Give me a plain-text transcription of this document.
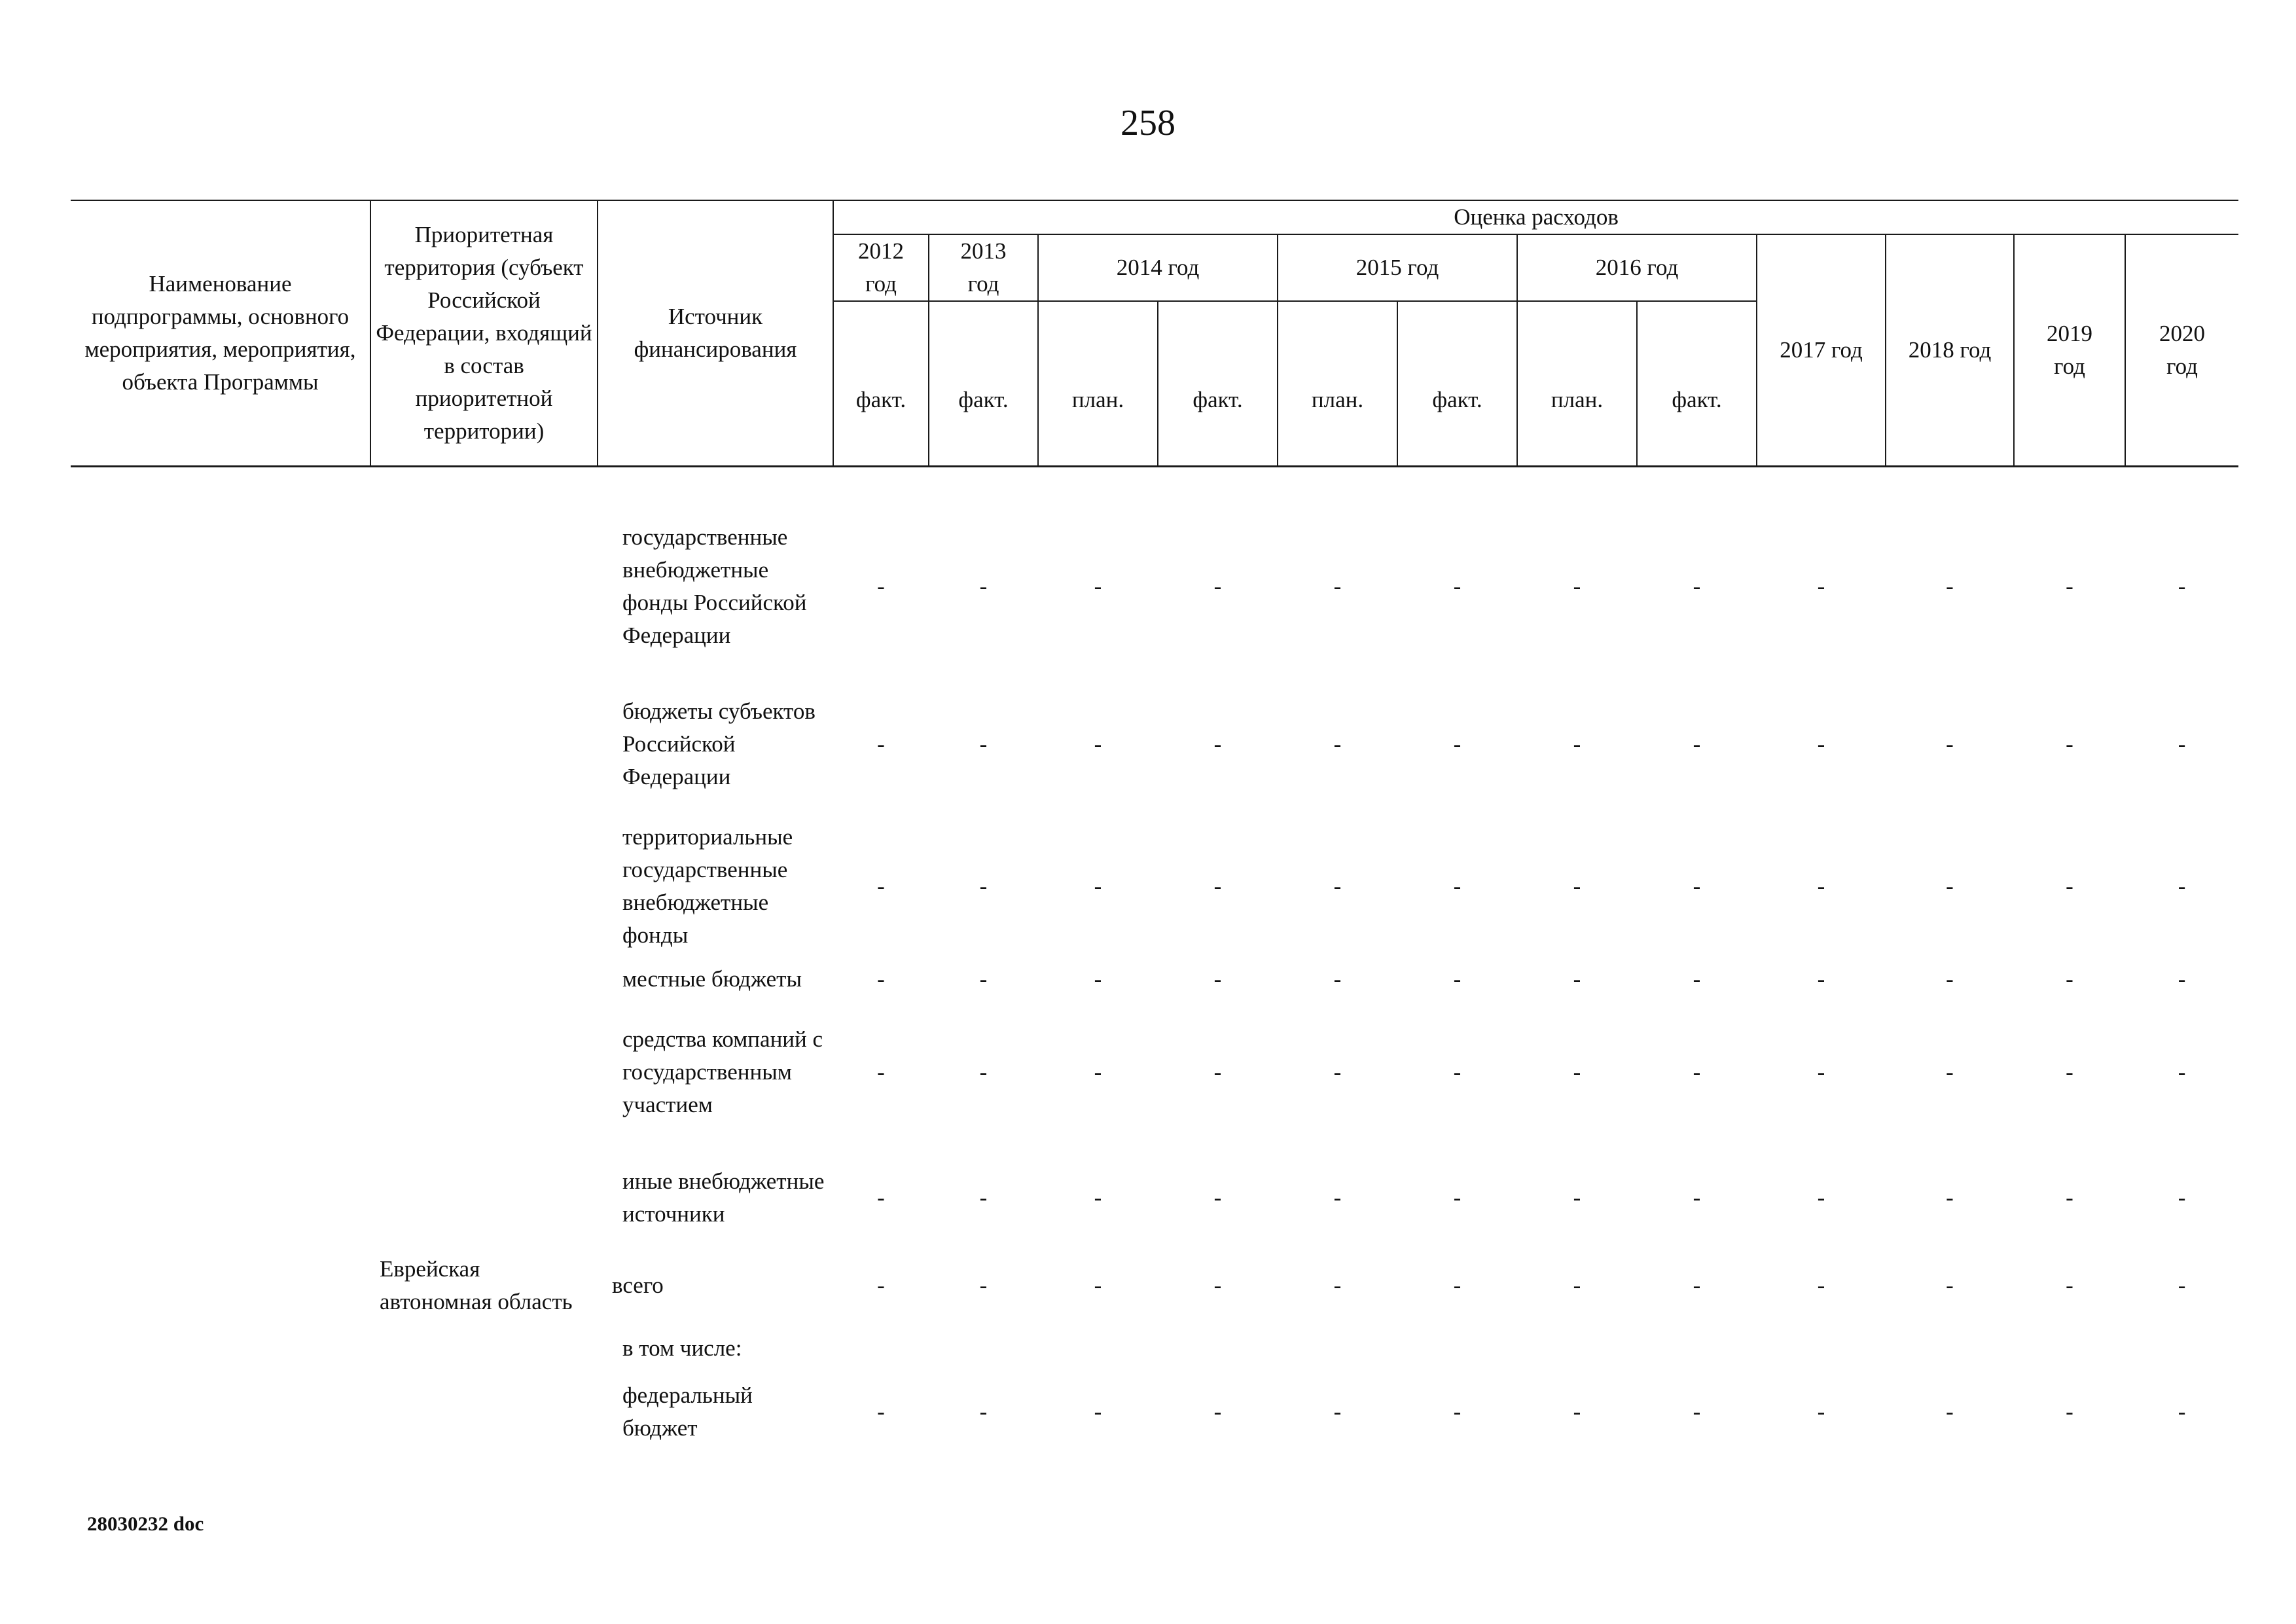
258
Наименование подпрограммы, основного мероприятия, мероприятия, объекта Программы	Приоритетная территория (субъект Российской Федерации, входящий в состав приоритетной территории)	Источник финансирования	Оценка расходов											
			2012 год	2013 год	2014 год		2015 год		2016 год		2017 год	2018 год	2019 год	2020 год
			факт.	факт.	план.	факт.	план.	факт.	план.	факт.				

		государственные внебюджетные фонды Российской Федерации	-	-	-	-	-	-	-	-	-	-	-	-
		бюджеты субъектов Российской Федерации	-	-	-	-	-	-	-	-	-	-	-	-
		территориальные государственные внебюджетные фонды	-	-	-	-	-	-	-	-	-	-	-	-
		местные бюджеты	-	-	-	-	-	-	-	-	-	-	-	-
		средства компаний с государственным участием	-	-	-	-	-	-	-	-	-	-	-	-
		иные внебюджетные источники	-	-	-	-	-	-	-	-	-	-	-	-
	Еврейская автономная область	всего	-	-	-	-	-	-	-	-	-	-	-	-
		в том числе:												
		федеральный бюджет	-	-	-	-	-	-	-	-	-	-	-	-
28030232 doc
